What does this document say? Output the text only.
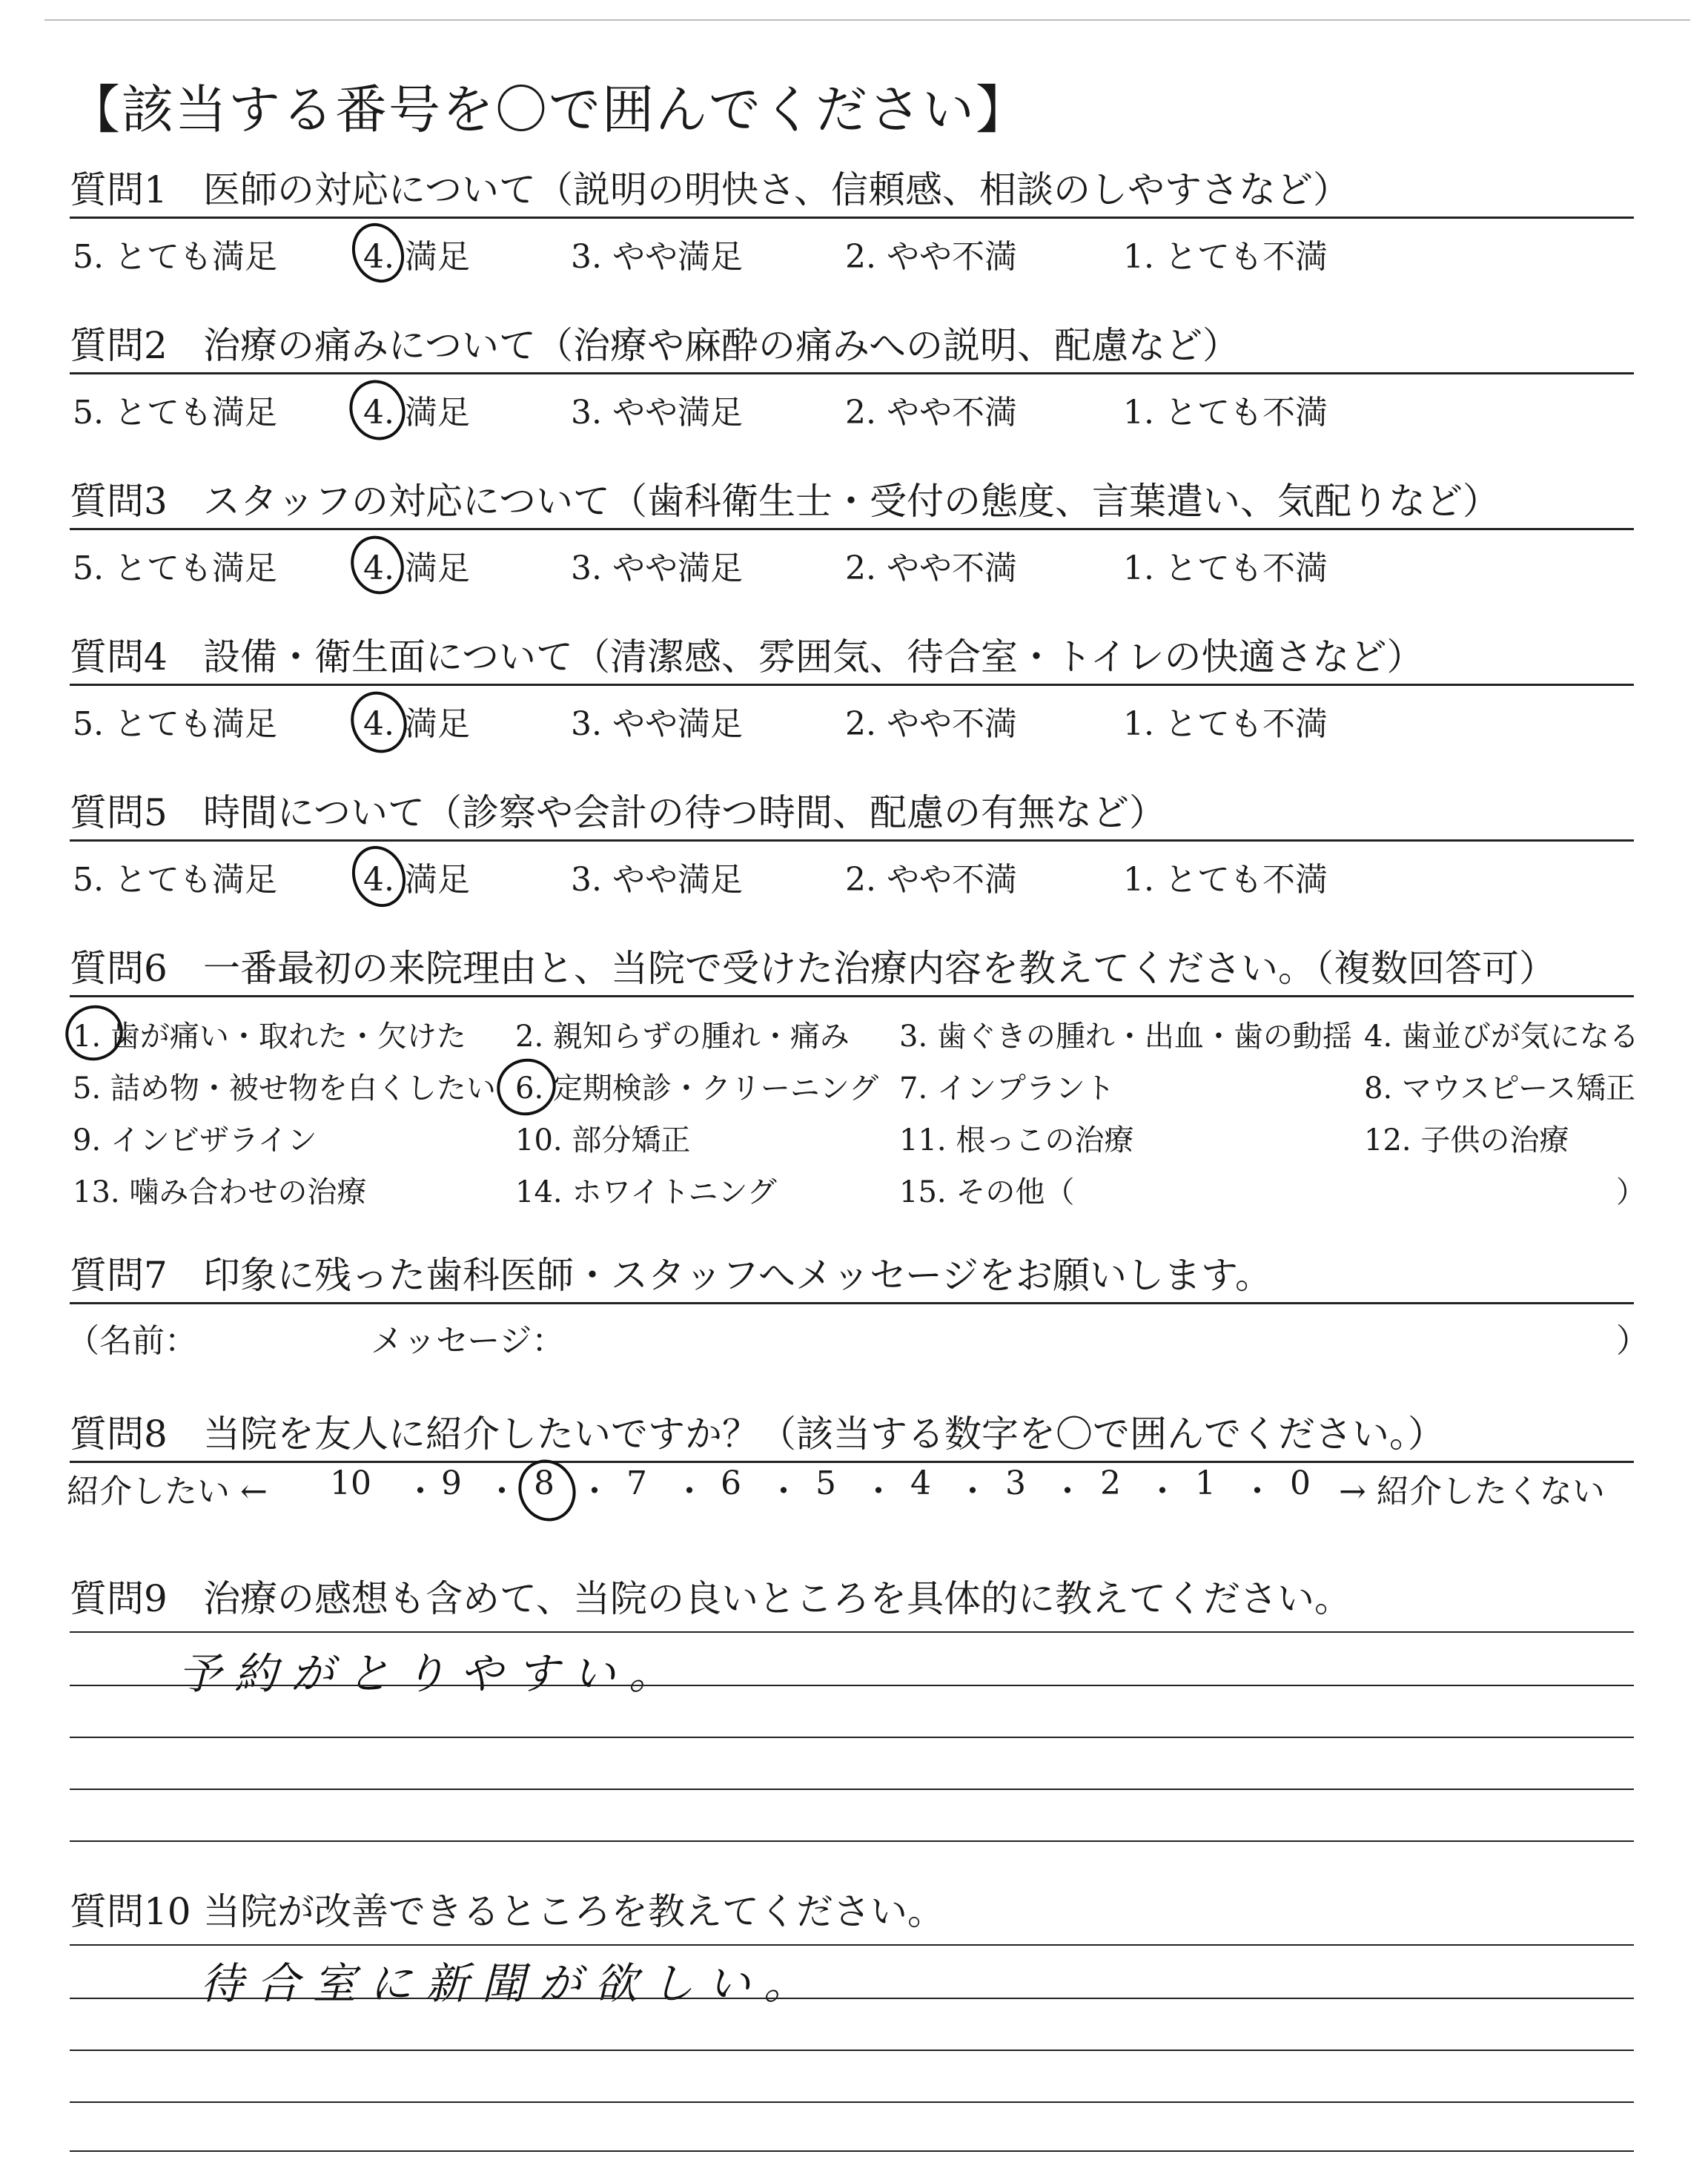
【該当する番号を〇で囲んでください】
質問1 医師の対応について（説明の明快さ、信頼感、相談のしやすさなど）
5. とても満足	4. 満足	3. やや満足	2. やや不満	1. とても不満
質問2 治療の痛みについて（治療や麻酔の痛みへの説明、配慮など）
5. とても満足	4. 満足	3. やや満足	2. やや不満	1. とても不満
質問3 スタッフの対応について（歯科衛生士・受付の態度、言葉遣い、気配りなど）
5. とても満足	4. 満足	3. やや満足	2. やや不満	1. とても不満
質問4 設備・衛生面について（清潔感、雰囲気、待合室・トイレの快適さなど）
5. とても満足	4. 満足	3. やや満足	2. やや不満	1. とても不満
質問5 時間について（診察や会計の待つ時間、配慮の有無など）
5. とても満足	4. 満足	3. やや満足	2. やや不満	1. とても不満
質問6 一番最初の来院理由と、当院で受けた治療内容を教えてください。（複数回答可）
1. 歯が痛い・取れた・欠けた 2. 親知らずの腫れ・痛み 3. 歯ぐきの腫れ・出血・歯の動揺 4. 歯並びが気になる
5. 詰め物・被せ物を白くしたい 6. 定期検診・クリーニング 7. インプラント	8. マウスピース矯正
9. インビザライン	10. 部分矯正	11. 根っこの治療	12. 子供の治療
13. 噛み合わせの治療	14. ホワイトニング	15. その他（	）
質問7 印象に残った歯科医師・スタッフへメッセージをお願いします。
（名前：	メッセージ：	）
質問8 当院を友人に紹介したいですか？（該当する数字を〇で囲んでください。）
紹介したい ← 10 ・ 9 ・ 8 ・ 7 ・ 6 ・ 5 ・ 4 ・ 3 ・ 2 ・ 1 ・ 0 → 紹介したくない
質問9 治療の感想も含めて、当院の良いところを具体的に教えてください。
予約がとりやすい。
質問10 当院が改善できるところを教えてください。
待合室に新聞が欲しい。
